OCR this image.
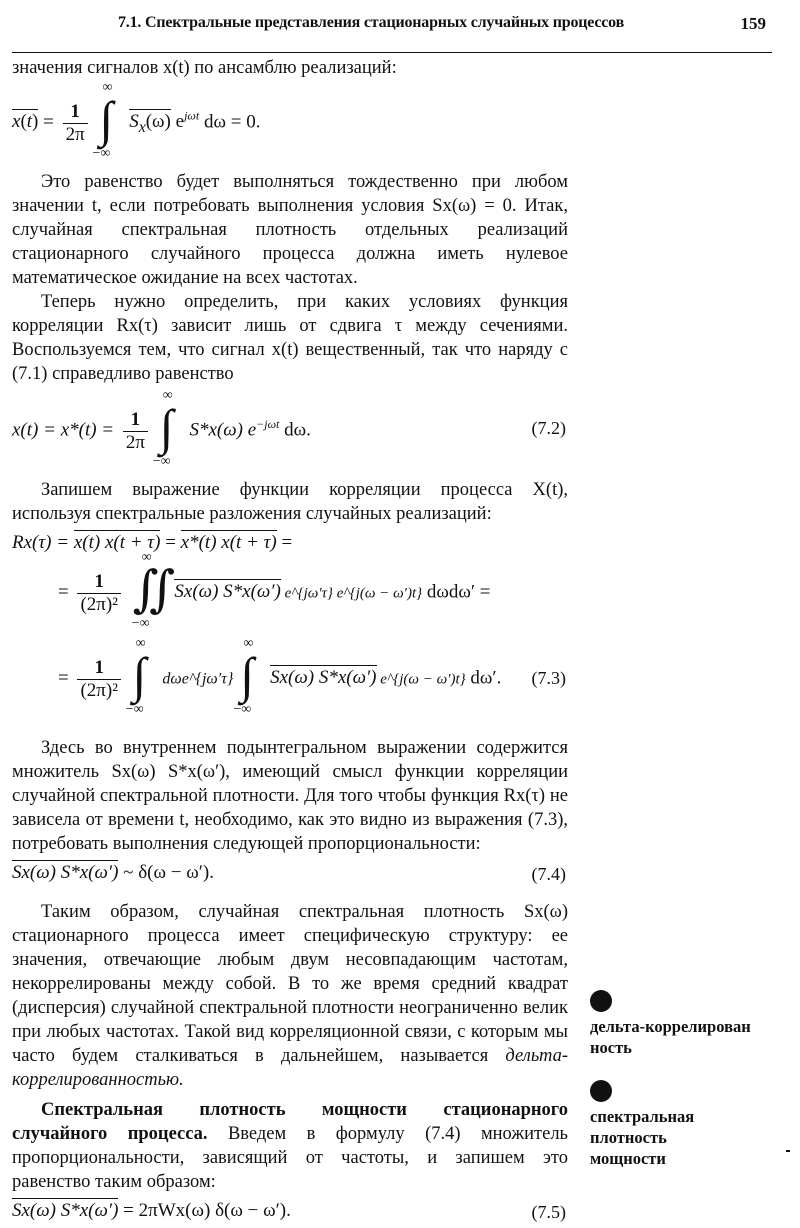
7.1. Спектральные представления стационарных случайных процессов	159

значения сигналов x(t) по ансамблю реализаций:

$x(t) = \frac{1}{2\pi}$
∫
∞
−∞
$S_x(\omega)$ $e^{j\omega t}$ dω = 0.

Это равенство будет выполняться тождественно при любом значении t, если потребовать выполнения условия Sx(ω) = 0. Итак, случайная спектральная плотность отдельных реализаций стационарного случайного процесса должна иметь нулевое математическое ожидание на всех частотах.

Теперь нужно определить, при каких условиях функция корреляции Rx(τ) зависит лишь от сдвига τ между сечениями. Воспользуемся тем, что сигнал x(t) вещественный, так что наряду с (7.1) справедливо равенство

$x(t) = x*(t) = \frac{1}{2\pi}$
∫
∞
−∞
S*x(ω) $e^{-j\omega t}$ dω.	(7.2)

Запишем выражение функции корреляции процесса X(t), используя спектральные разложения случайных реализаций:

Rx(τ) = x(t) x(t + τ) = x*(t) x(t + τ) =
= $\frac{1}{\text{(2π)²}}$
∬
∞
−∞
Sx(ω) S*x(ω′) e^{jω′τ} e^{j(ω − ω′)t} dωdω′ =
= $\frac{1}{\text{(2π)²}}$
∫
∞
−∞
dωe^{jω′τ} ∫
∞
−∞
Sx(ω) S*x(ω′) e^{j(ω − ω′)t} dω′. (7.3)

Здесь во внутреннем подынтегральном выражении содержится множитель Sx(ω) S*x(ω′), имеющий смысл функции корреляции случайной спектральной плотности. Для того чтобы функция Rx(τ) не зависела от времени t, необходимо, как это видно из выражения (7.3), потребовать выполнения следующей пропорциональности:

Sx(ω) S*x(ω′) ~ δ(ω − ω′).	(7.4)

Таким образом, случайная спектральная плотность Sx(ω) стационарного процесса имеет специфическую структуру: ее значения, отвечающие любым двум несовпадающим частотам, некоррелированы между собой. В то же время средний квадрат (дисперсия) случайной спектральной плотности неограниченно велик при любых частотах. Такой вид корреляционной связи, с которым мы часто будем сталкиваться в дальнейшем, называется дельта-коррелированностью.

Спектральная плотность мощности стационарного случайного процесса. Введем в формулу (7.4) множитель пропорциональности, зависящий от частоты, и запишем это равенство таким образом:

Sx(ω) S*x(ω′) = 2πWx(ω) δ(ω − ω′).	(7.5)
дельта-коррелированность
спектральная плотность мощности
